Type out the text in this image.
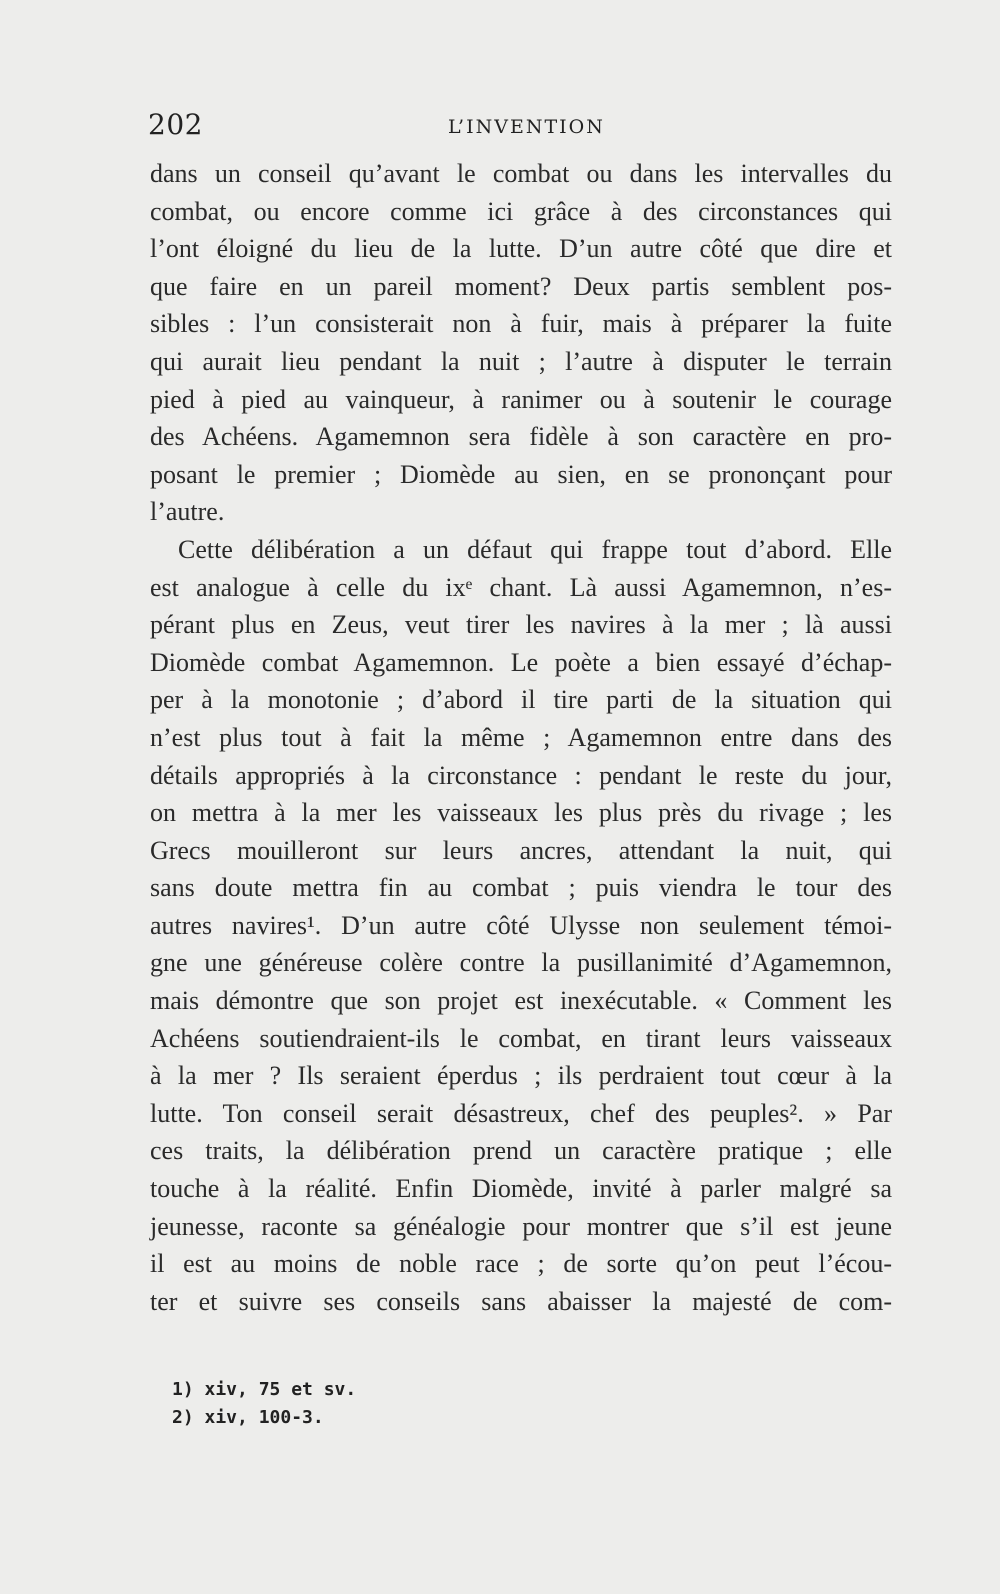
202	L’INVENTION
dans un conseil qu’avant le combat ou dans les intervalles du
combat, ou encore comme ici grâce à des circonstances qui
l’ont éloigné du lieu de la lutte. D’un autre côté que dire et
que faire en un pareil moment? Deux partis semblent pos-
sibles : l’un consisterait non à fuir, mais à préparer la fuite
qui aurait lieu pendant la nuit ; l’autre à disputer le terrain
pied à pied au vainqueur, à ranimer ou à soutenir le courage
des Achéens. Agamemnon sera fidèle à son caractère en pro-
posant le premier ; Diomède au sien, en se prononçant pour
l’autre.
Cette délibération a un défaut qui frappe tout d’abord. Elle
est analogue à celle du ixᵉ chant. Là aussi Agamemnon, n’es-
pérant plus en Zeus, veut tirer les navires à la mer ; là aussi
Diomède combat Agamemnon. Le poète a bien essayé d’échap-
per à la monotonie ; d’abord il tire parti de la situation qui
n’est plus tout à fait la même ; Agamemnon entre dans des
détails appropriés à la circonstance : pendant le reste du jour,
on mettra à la mer les vaisseaux les plus près du rivage ; les
Grecs mouilleront sur leurs ancres, attendant la nuit, qui
sans doute mettra fin au combat ; puis viendra le tour des
autres navires¹. D’un autre côté Ulysse non seulement témoi-
gne une généreuse colère contre la pusillanimité d’Agamemnon,
mais démontre que son projet est inexécutable. « Comment les
Achéens soutiendraient-ils le combat, en tirant leurs vaisseaux
à la mer ? Ils seraient éperdus ; ils perdraient tout cœur à la
lutte. Ton conseil serait désastreux, chef des peuples². » Par
ces traits, la délibération prend un caractère pratique ; elle
touche à la réalité. Enfin Diomède, invité à parler malgré sa
jeunesse, raconte sa généalogie pour montrer que s’il est jeune
il est au moins de noble race ; de sorte qu’on peut l’écou-
ter et suivre ses conseils sans abaisser la majesté de com-
1) xiv, 75 et sv.
2) xiv, 100-3.
